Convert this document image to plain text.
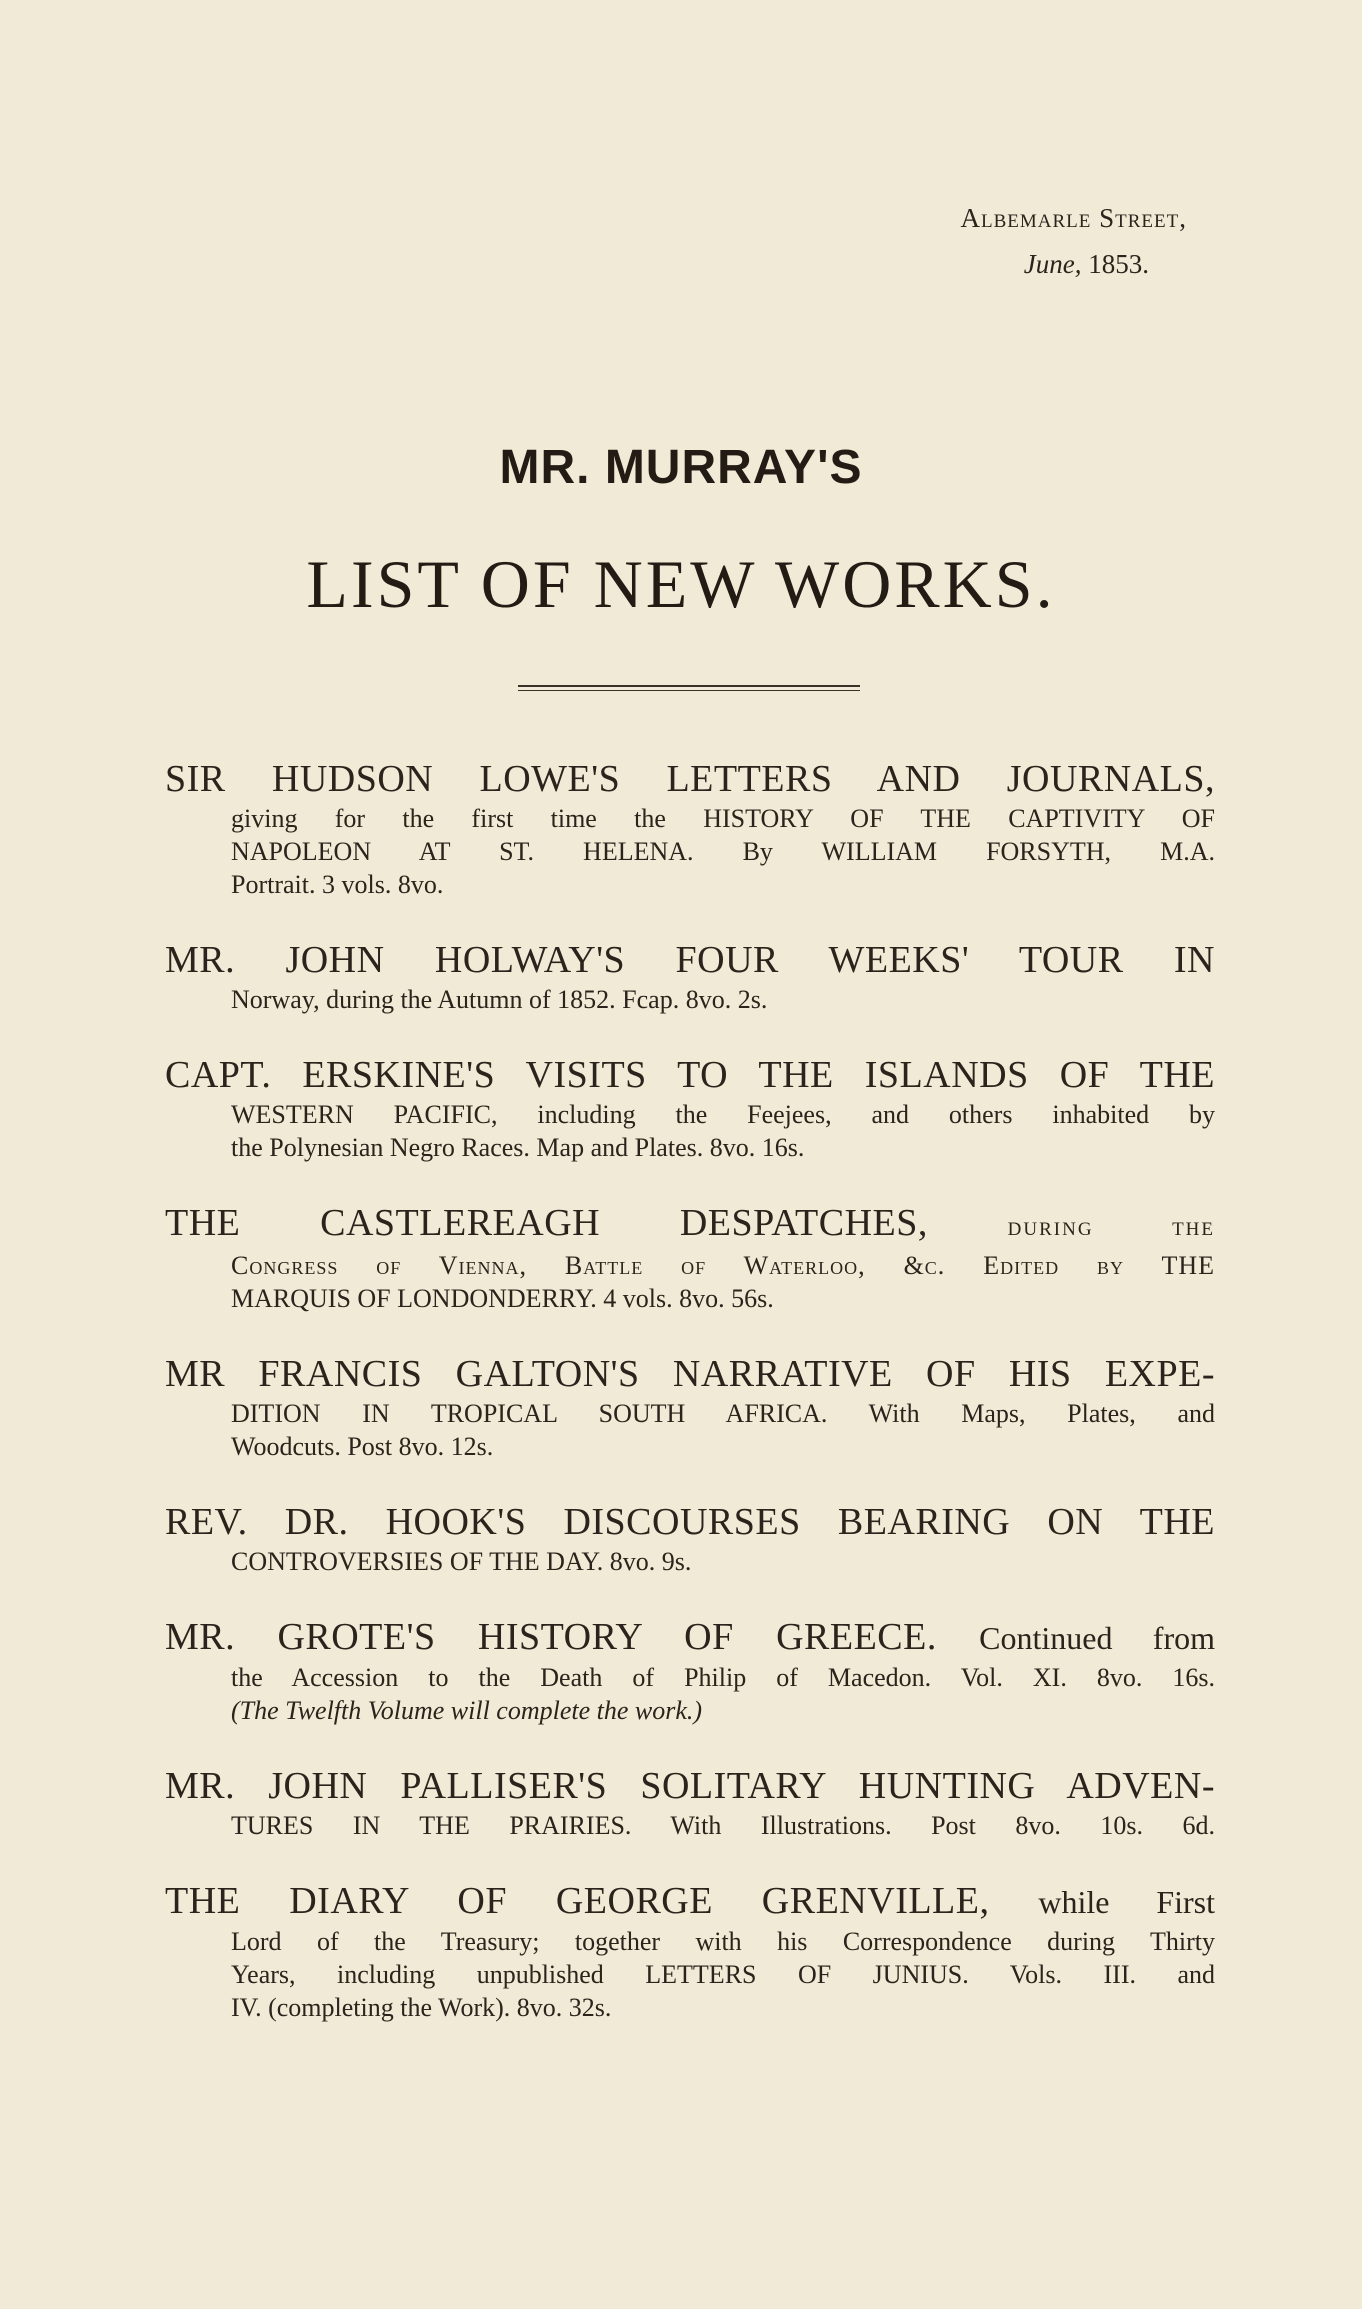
Albemarle Street,
June, 1853.
MR. MURRAY'S
LIST OF NEW WORKS.
SIR HUDSON LOWE'S LETTERS AND JOURNALS,
giving for the first time the HISTORY OF THE CAPTIVITY OF
NAPOLEON AT ST. HELENA. By WILLIAM FORSYTH, M.A.
Portrait. 3 vols. 8vo.
MR. JOHN HOLWAY'S FOUR WEEKS' TOUR IN
Norway, during the Autumn of 1852. Fcap. 8vo. 2s.
CAPT. ERSKINE'S VISITS TO THE ISLANDS OF THE
WESTERN PACIFIC, including the Feejees, and others inhabited by
the Polynesian Negro Races. Map and Plates. 8vo. 16s.
THE CASTLEREAGH DESPATCHES,	during the
Congress of Vienna, Battle of Waterloo, &c. Edited by THE
MARQUIS OF LONDONDERRY. 4 vols. 8vo. 56s.
MR FRANCIS GALTON'S NARRATIVE OF HIS EXPE-
DITION IN TROPICAL SOUTH AFRICA. With Maps, Plates, and
Woodcuts. Post 8vo. 12s.
REV. DR. HOOK'S DISCOURSES BEARING ON THE
CONTROVERSIES OF THE DAY. 8vo. 9s.
MR. GROTE'S HISTORY OF GREECE. Continued from
the Accession to the Death of Philip of Macedon. Vol. XI. 8vo. 16s.
(The Twelfth Volume will complete the work.)
MR. JOHN PALLISER'S SOLITARY HUNTING ADVEN-
TURES IN THE PRAIRIES. With Illustrations. Post 8vo. 10s. 6d.
THE DIARY OF GEORGE GRENVILLE, while First
Lord of the Treasury; together with his Correspondence during Thirty
Years, including unpublished LETTERS OF JUNIUS. Vols. III. and
IV. (completing the Work). 8vo. 32s.
